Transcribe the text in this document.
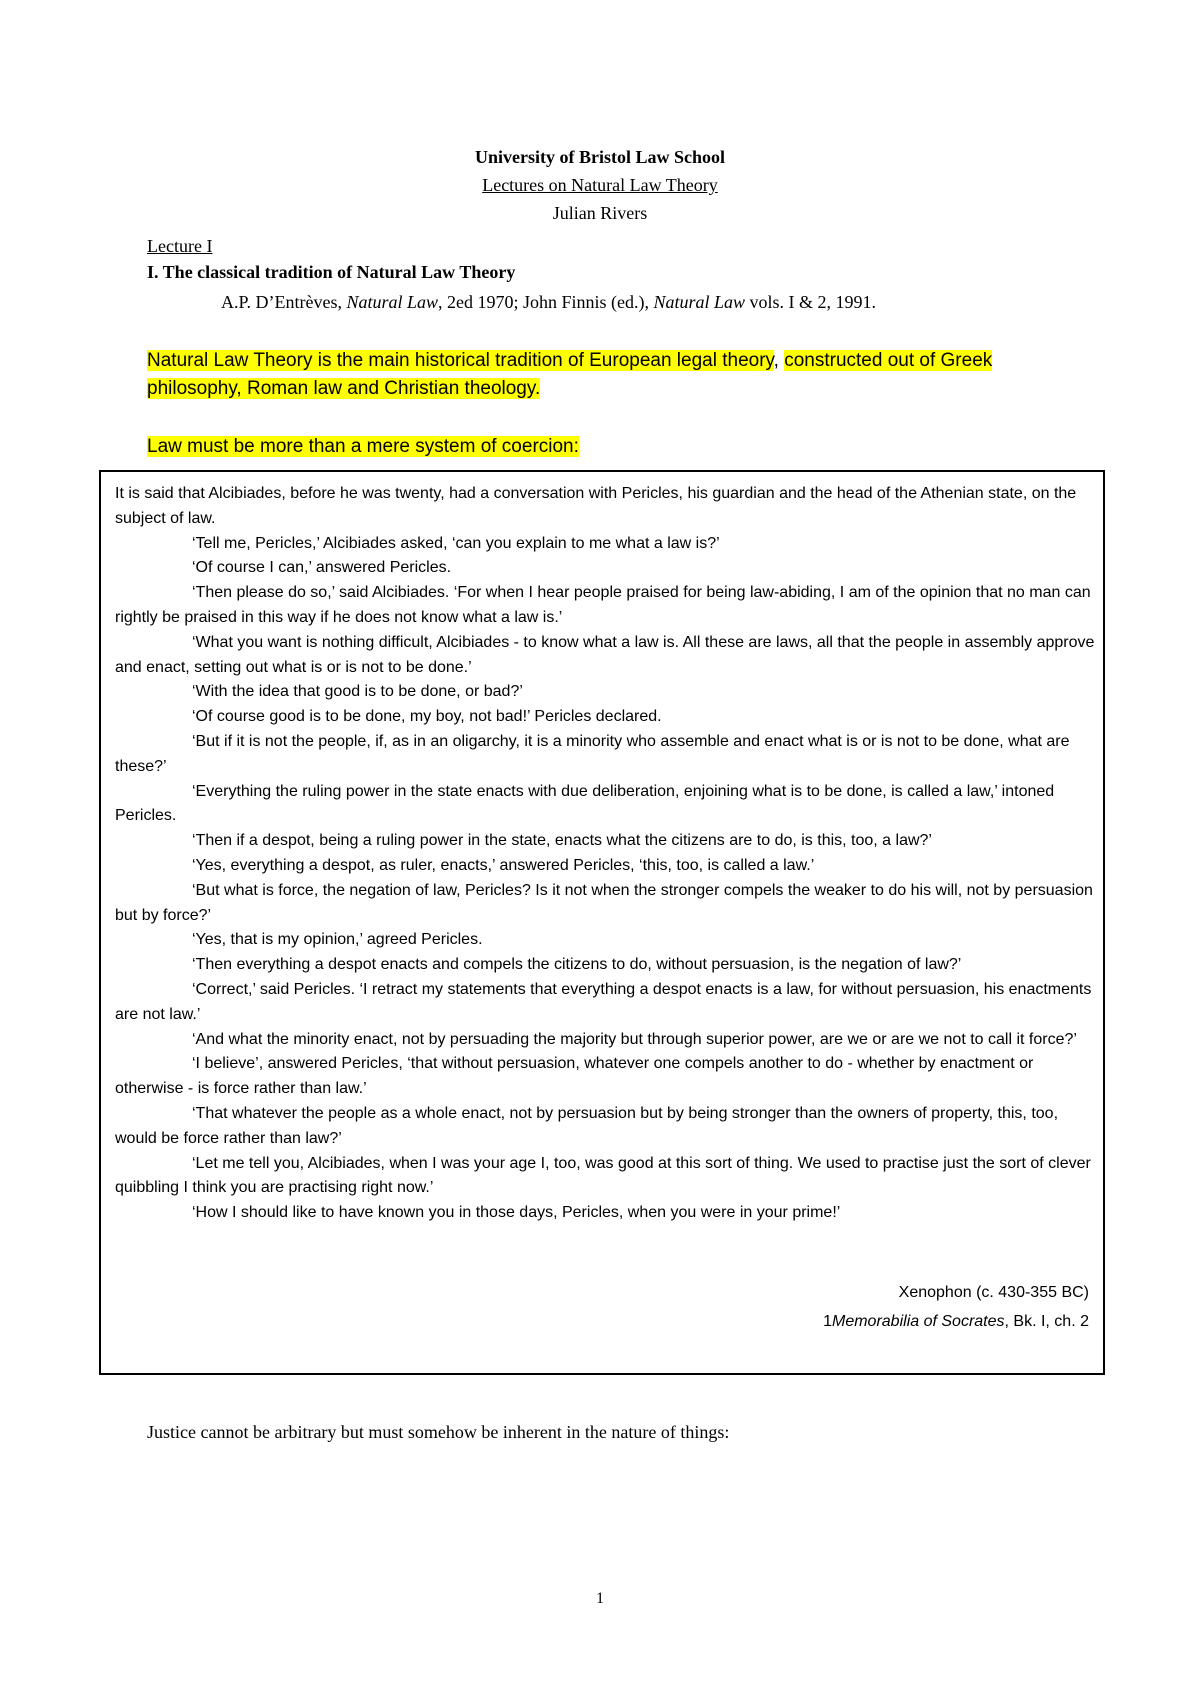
University of Bristol Law School
Lectures on Natural Law Theory
Julian Rivers
Lecture I
I. The classical tradition of Natural Law Theory
A.P. D’Entrèves, Natural Law, 2ed 1970; John Finnis (ed.), Natural Law vols. I & 2, 1991.
Natural Law Theory is the main historical tradition of European legal theory, constructed out of Greek philosophy, Roman law and Christian theology.
Law must be more than a mere system of coercion:

It is said that Alcibiades, before he was twenty, had a conversation with Pericles, his guardian and the head of the Athenian state, on the subject of law.

‘Tell me, Pericles,’ Alcibiades asked, ‘can you explain to me what a law is?’

‘Of course I can,’ answered Pericles.

‘Then please do so,’ said Alcibiades. ‘For when I hear people praised for being law-abiding, I am of the opinion that no man can rightly be praised in this way if he does not know what a law is.’

‘What you want is nothing difficult, Alcibiades - to know what a law is. All these are laws, all that the people in assembly approve and enact, setting out what is or is not to be done.’

‘With the idea that good is to be done, or bad?’

‘Of course good is to be done, my boy, not bad!’ Pericles declared.

‘But if it is not the people, if, as in an oligarchy, it is a minority who assemble and enact what is or is not to be done, what are these?’

‘Everything the ruling power in the state enacts with due deliberation, enjoining what is to be done, is called a law,’ intoned Pericles.

‘Then if a despot, being a ruling power in the state, enacts what the citizens are to do, is this, too, a law?’

‘Yes, everything a despot, as ruler, enacts,’ answered Pericles, ‘this, too, is called a law.’

‘But what is force, the negation of law, Pericles? Is it not when the stronger compels the weaker to do his will, not by persuasion but by force?’

‘Yes, that is my opinion,’ agreed Pericles.

‘Then everything a despot enacts and compels the citizens to do, without persuasion, is the negation of law?’

‘Correct,’ said Pericles. ‘I retract my statements that everything a despot enacts is a law, for without persuasion, his enactments are not law.’

‘And what the minority enact, not by persuading the majority but through superior power, are we or are we not to call it force?’

‘I believe’, answered Pericles, ‘that without persuasion, whatever one compels another to do - whether by enactment or otherwise - is force rather than law.’

‘That whatever the people as a whole enact, not by persuasion but by being stronger than the owners of property, this, too, would be force rather than law?’

‘Let me tell you, Alcibiades, when I was your age I, too, was good at this sort of thing. We used to practise just the sort of clever quibbling I think you are practising right now.’

‘How I should like to have known you in those days, Pericles, when you were in your prime!’

Xenophon (c. 430-355 BC)
1Memorabilia of Socrates, Bk. I, ch. 2
Justice cannot be arbitrary but must somehow be inherent in the nature of things:
1
